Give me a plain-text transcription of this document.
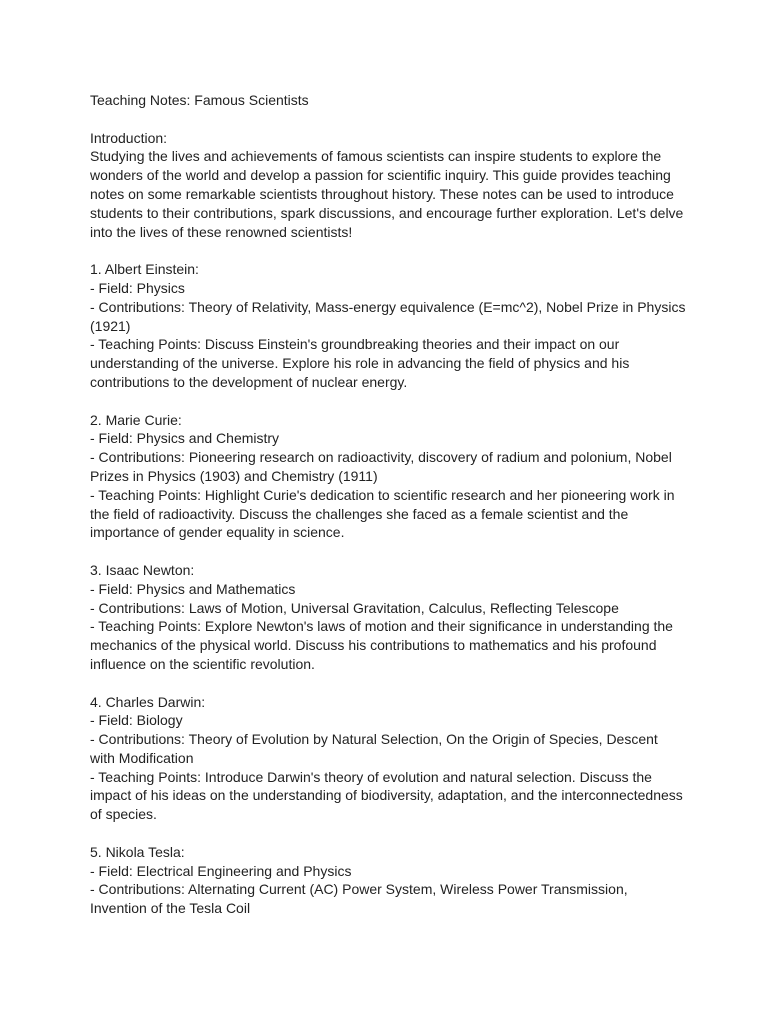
Teaching Notes: Famous Scientists
Introduction:
Studying the lives and achievements of famous scientists can inspire students to explore the
wonders of the world and develop a passion for scientific inquiry. This guide provides teaching
notes on some remarkable scientists throughout history. These notes can be used to introduce
students to their contributions, spark discussions, and encourage further exploration. Let's delve
into the lives of these renowned scientists!
1. Albert Einstein:
- Field: Physics
- Contributions: Theory of Relativity, Mass-energy equivalence (E=mc^2), Nobel Prize in Physics
(1921)
- Teaching Points: Discuss Einstein's groundbreaking theories and their impact on our
understanding of the universe. Explore his role in advancing the field of physics and his
contributions to the development of nuclear energy.
2. Marie Curie:
- Field: Physics and Chemistry
- Contributions: Pioneering research on radioactivity, discovery of radium and polonium, Nobel
Prizes in Physics (1903) and Chemistry (1911)
- Teaching Points: Highlight Curie's dedication to scientific research and her pioneering work in
the field of radioactivity. Discuss the challenges she faced as a female scientist and the
importance of gender equality in science.
3. Isaac Newton:
- Field: Physics and Mathematics
- Contributions: Laws of Motion, Universal Gravitation, Calculus, Reflecting Telescope
- Teaching Points: Explore Newton's laws of motion and their significance in understanding the
mechanics of the physical world. Discuss his contributions to mathematics and his profound
influence on the scientific revolution.
4. Charles Darwin:
- Field: Biology
- Contributions: Theory of Evolution by Natural Selection, On the Origin of Species, Descent
with Modification
- Teaching Points: Introduce Darwin's theory of evolution and natural selection. Discuss the
impact of his ideas on the understanding of biodiversity, adaptation, and the interconnectedness
of species.
5. Nikola Tesla:
- Field: Electrical Engineering and Physics
- Contributions: Alternating Current (AC) Power System, Wireless Power Transmission,
Invention of the Tesla Coil
